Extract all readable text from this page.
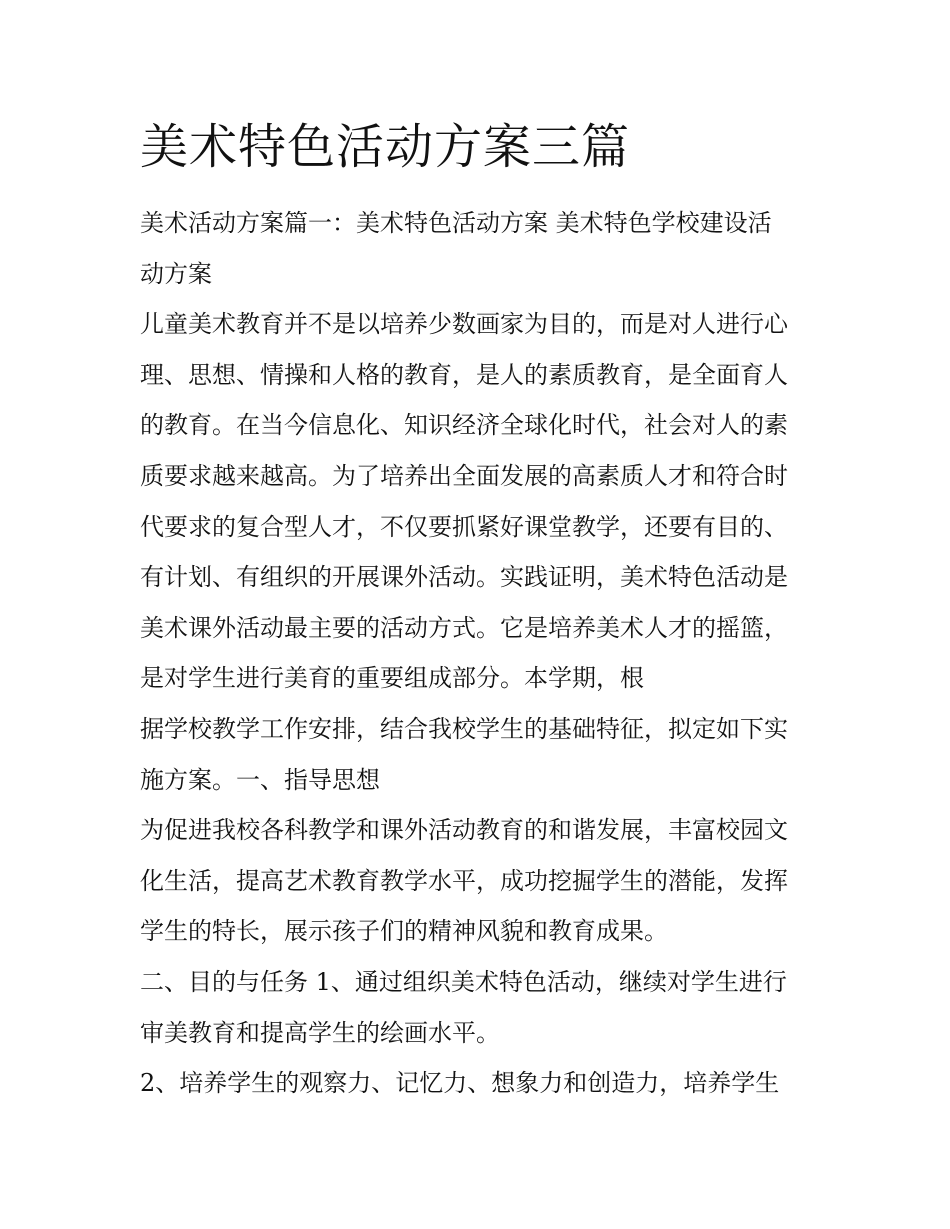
美术特色活动方案三篇
美术活动方案篇一：美术特色活动方案 美术特色学校建设活
动方案
儿童美术教育并不是以培养少数画家为目的，而是对人进行心
理、思想、情操和人格的教育，是人的素质教育，是全面育人
的教育。在当今信息化、知识经济全球化时代，社会对人的素
质要求越来越高。为了培养出全面发展的高素质人才和符合时
代要求的复合型人才，不仅要抓紧好课堂教学，还要有目的、
有计划、有组织的开展课外活动。实践证明，美术特色活动是
美术课外活动最主要的活动方式。它是培养美术人才的摇篮，
是对学生进行美育的重要组成部分。本学期，根
据学校教学工作安排，结合我校学生的基础特征，拟定如下实
施方案。一、指导思想
为促进我校各科教学和课外活动教育的和谐发展，丰富校园文
化生活，提高艺术教育教学水平，成功挖掘学生的潜能，发挥
学生的特长，展示孩子们的精神风貌和教育成果。
二、目的与任务 1、通过组织美术特色活动，继续对学生进行
审美教育和提高学生的绘画水平。
2、培养学生的观察力、记忆力、想象力和创造力，培养学生
